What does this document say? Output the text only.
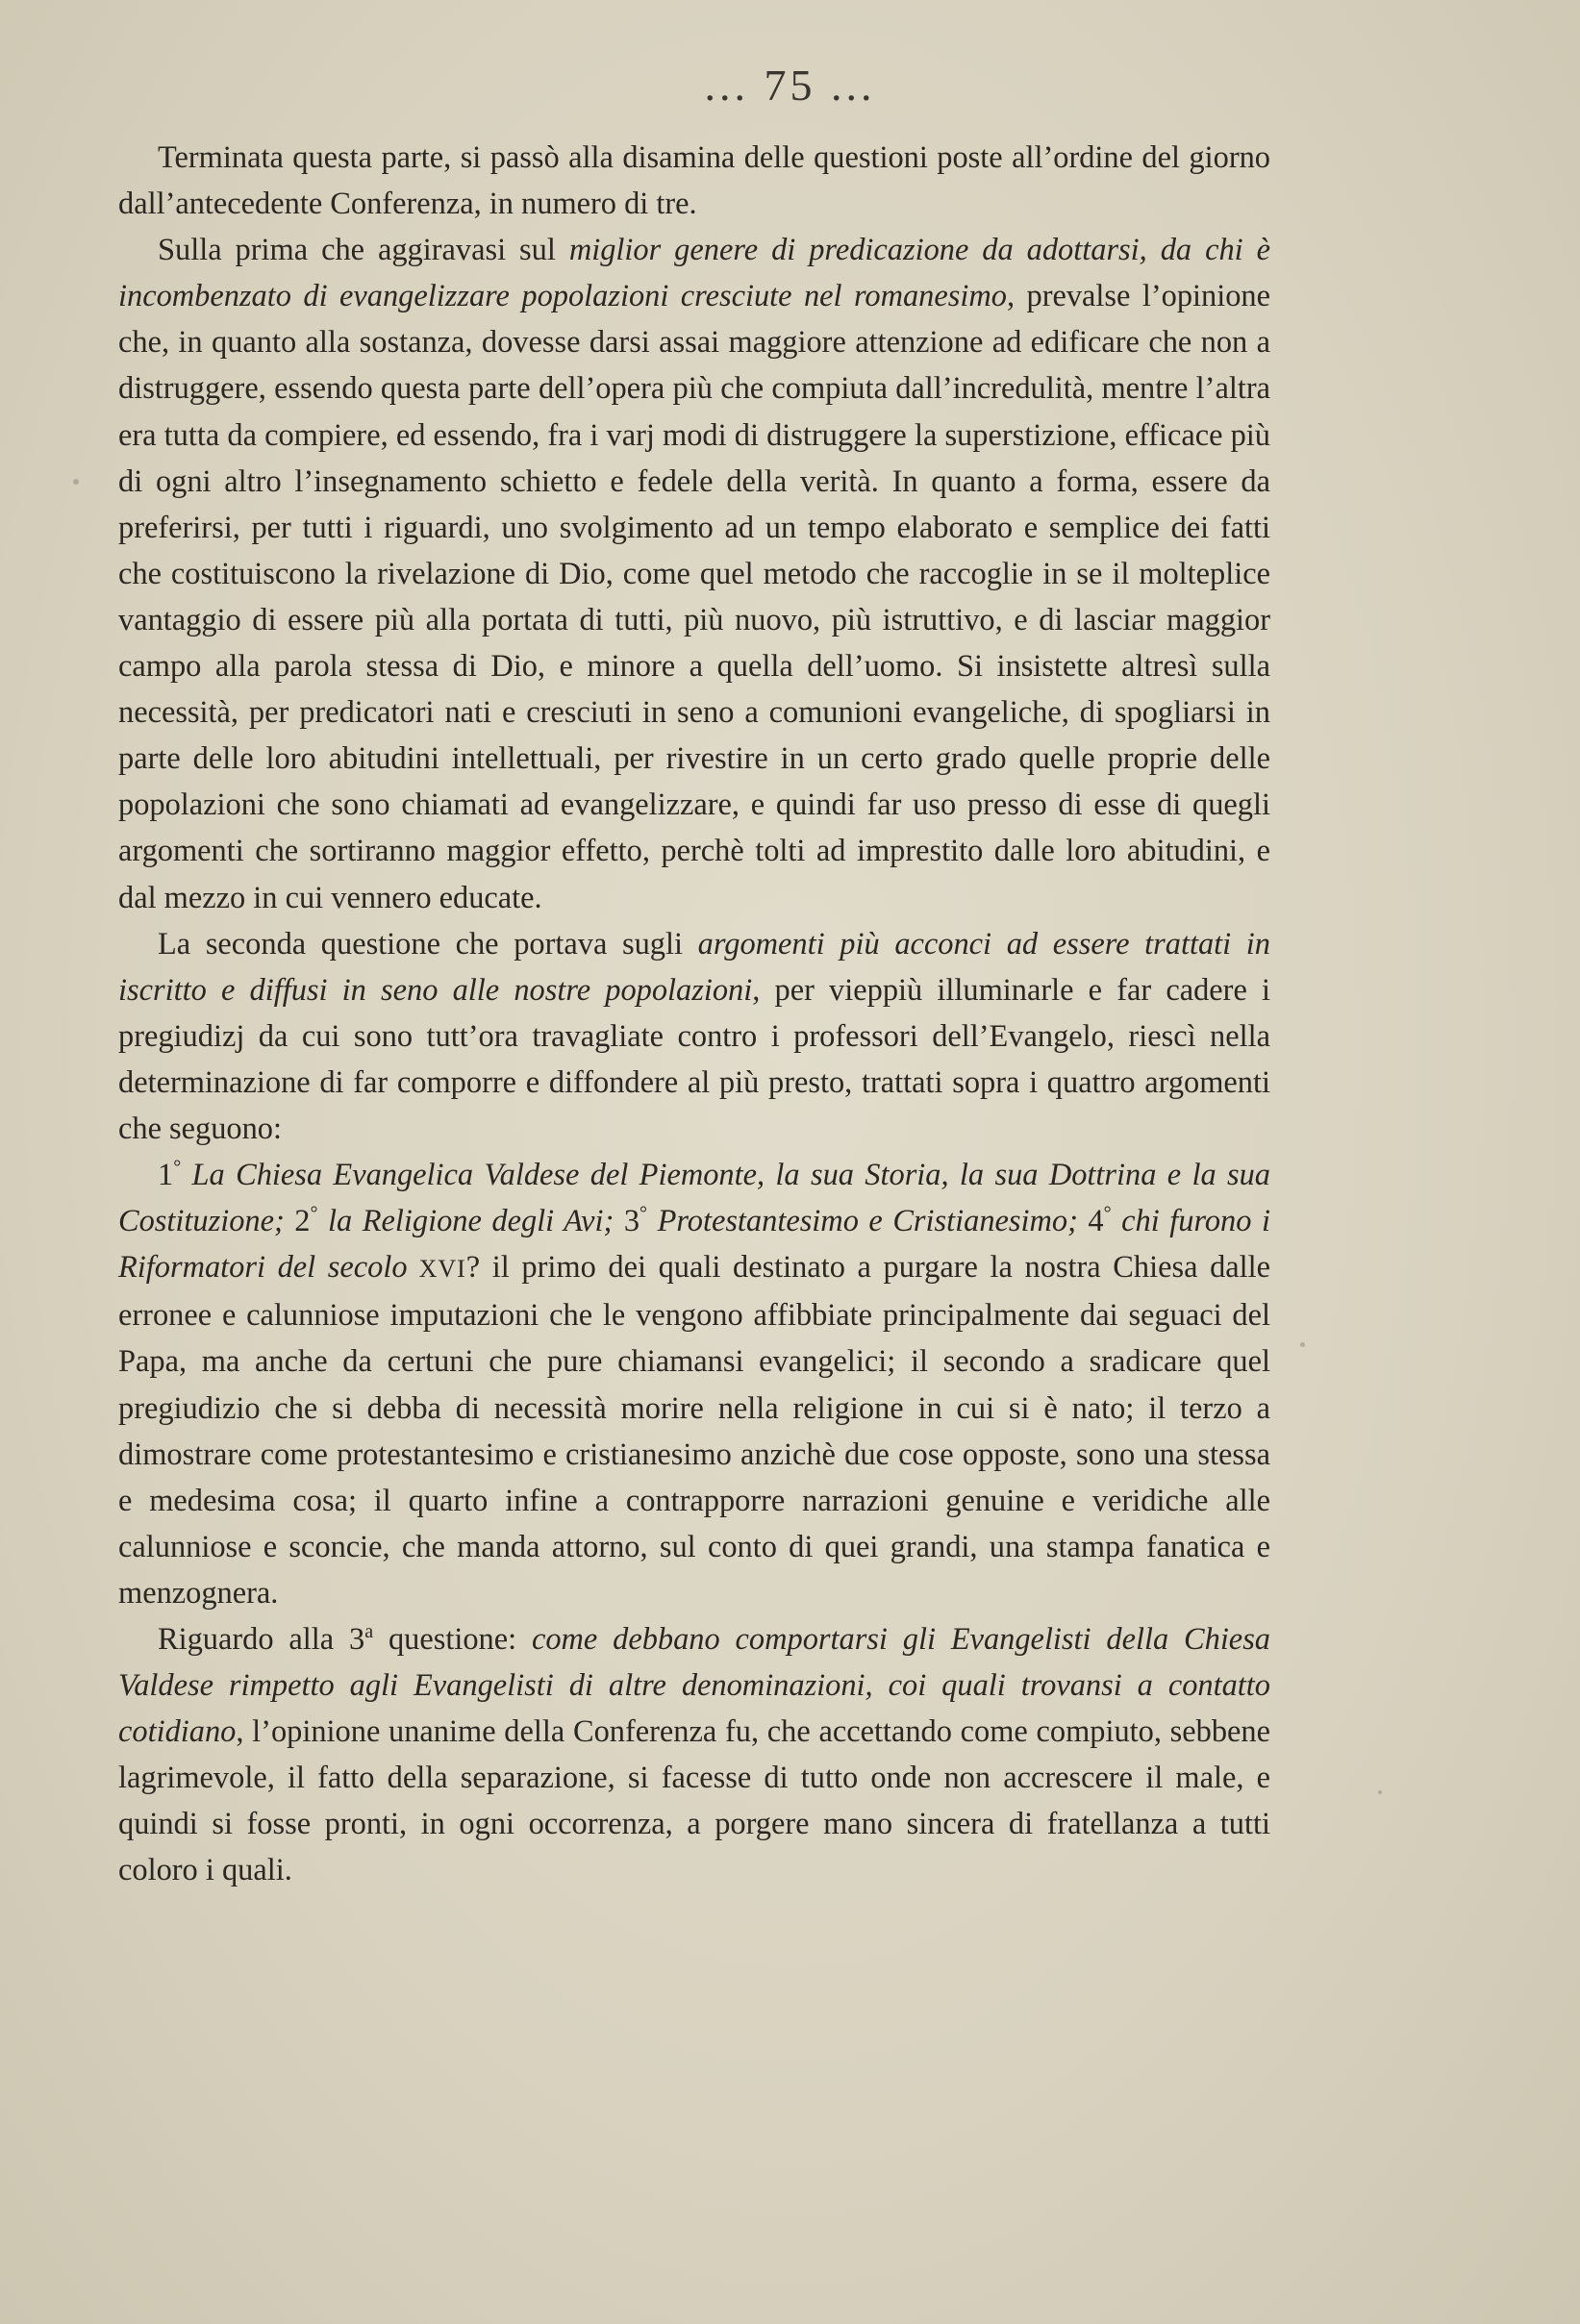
... 75 ...

Terminata questa parte, si passò alla disamina delle questioni poste all’ordine del giorno dall’antecedente Conferenza, in numero di tre.

Sulla prima che aggiravasi sul miglior genere di predicazione da adottarsi, da chi è incombenzato di evangelizzare popolazioni cresciute nel romanesimo, prevalse l’opinione che, in quanto alla sostanza, dovesse darsi assai maggiore attenzione ad edificare che non a distruggere, essendo questa parte dell’opera più che compiuta dall’incredulità, mentre l’altra era tutta da compiere, ed essendo, fra i varj modi di distruggere la superstizione, efficace più di ogni altro l’insegnamento schietto e fedele della verità. In quanto a forma, essere da preferirsi, per tutti i riguardi, uno svolgimento ad un tempo elaborato e semplice dei fatti che costituiscono la rivelazione di Dio, come quel metodo che raccoglie in se il molteplice vantaggio di essere più alla portata di tutti, più nuovo, più istruttivo, e di lasciar maggior campo alla parola stessa di Dio, e minore a quella dell’uomo. Si insistette altresì sulla necessità, per predicatori nati e cresciuti in seno a comunioni evangeliche, di spogliarsi in parte delle loro abitudini intellettuali, per rivestire in un certo grado quelle proprie delle popolazioni che sono chiamati ad evangelizzare, e quindi far uso presso di esse di quegli argomenti che sortiranno maggior effetto, perchè tolti ad imprestito dalle loro abitudini, e dal mezzo in cui vennero educate.

La seconda questione che portava sugli argomenti più acconci ad essere trattati in iscritto e diffusi in seno alle nostre popolazioni, per vieppiù illuminarle e far cadere i pregiudizj da cui sono tutt’ora travagliate contro i professori dell’Evangelo, riescì nella determinazione di far comporre e diffondere al più presto, trattati sopra i quattro argomenti che seguono:

1° La Chiesa Evangelica Valdese del Piemonte, la sua Storia, la sua Dottrina e la sua Costituzione; 2° la Religione degli Avi; 3° Protestantesimo e Cristianesimo; 4° chi furono i Riformatori del secolo XVI? il primo dei quali destinato a purgare la nostra Chiesa dalle erronee e calunniose imputazioni che le vengono affibbiate principalmente dai seguaci del Papa, ma anche da certuni che pure chiamansi evangelici; il secondo a sradicare quel pregiudizio che si debba di necessità morire nella religione in cui si è nato; il terzo a dimostrare come protestantesimo e cristianesimo anzichè due cose opposte, sono una stessa e medesima cosa; il quarto infine a contrapporre narrazioni genuine e veridiche alle calunniose e sconcie, che manda attorno, sul conto di quei grandi, una stampa fanatica e menzognera.

Riguardo alla 3$^a$ questione: come debbano comportarsi gli Evangelisti della Chiesa Valdese rimpetto agli Evangelisti di altre denominazioni, coi quali trovansi a contatto cotidiano, l’opinione unanime della Conferenza fu, che accettando come compiuto, sebbene lagrimevole, il fatto della separazione, si facesse di tutto onde non accrescere il male, e quindi si fosse pronti, in ogni occorrenza, a porgere mano sincera di fratellanza a tutti coloro i quali.
